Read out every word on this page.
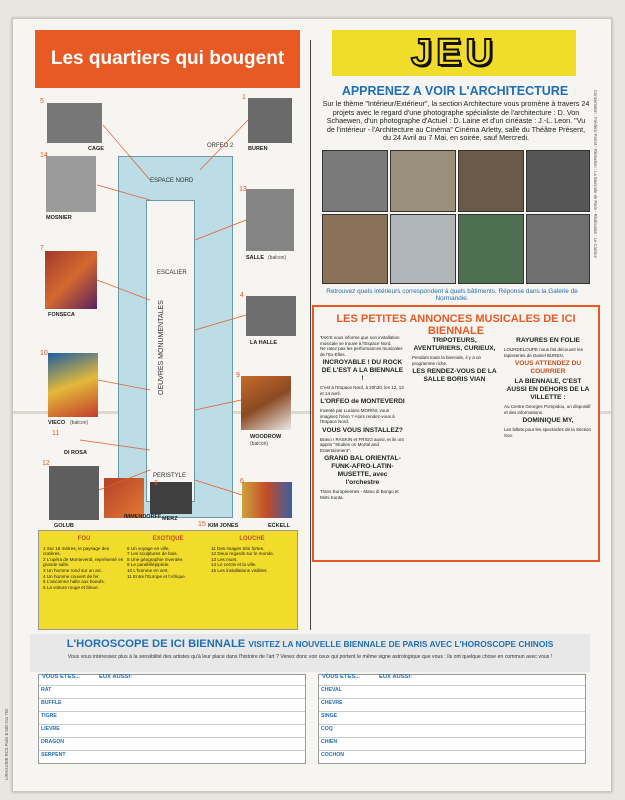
Les quartiers qui bougent
ESPACE NORD
ORFEO 2
ESCALIER
OEUVRES MONUMENTALES
PERISTYLE
5
CAGE
1
BUREN
14
MOSNIER
13
SALLE (balcon)
7
FONSECA
4
LA HALLE
10
VIECO (balcon)
9
WOODROW
(balcon)
11
DI ROSA
12
GOLUB
8 IMMENDORFF
3
MERZ
15 KIM JONES
6
ECKELL
FOU
1 Sur 16 mètres, le paysage des cratères.
2 L'opéra de Monteverdi, représenté en grande salle.
3 Un homme rond sur un arc.
4 Un homme couvert de fer.
5 L'ancienne halle aux boeufs.
6 La voiture rouge et bleue.
EXOTIQUE
6 Un voyage en ville.
7 Les sculptures de bois.
8 Une géographie inventée.
9 Le parallélépipède.
10 L'homme en vert.
11 Entre l'Europe et l'Afrique.
LOUCHE
11 Des images très fortes.
12 Deux regards sur le monde.
13 Les murs.
14 Le cercle et la ville.
15 Les installations visibles.
JEU
APPRENEZ A VOIR L'ARCHITECTURE
Sur le thème "Intérieur/Extérieur", la section Architecture vous promène à travers 24 projets avec le regard d'une photographe spécialiste de l'architecture : D. Von Schaewen, d'un photographe d'Actuel : D. Laine et d'un cinéaste : J.-L. Leon. "Vu de l'intérieur - l'Architecture au Cinéma" Cinéma Arletty, salle du Théâtre Présent, du 24 Avril au 7 Mai, en soirée, sauf Mercredi.
Retrouvez quels intérieurs correspondent à quels bâtiments. Réponse dans la Galerie de Normandie.
LES PETITES ANNONCES MUSICALES DE ICI BIENNALE
TAKIS vous informe que son installation musicale se trouve à l'Espace Nord.
Ne ratez pas les performances musicales de l'Ex-Elles.
INCROYABLE ! DU ROCK DE L'EST A LA BIENNALE !
C'est à l'Espace Nord, à 20h30, les 12, 13 et 14 avril.
L'ORFEO de MONTEVERDI
Inventé par Luciano MORINI, vous imaginez l'Iéon ? Alors rendez-vous à l'Espace Nord.
VOUS VOUS INSTALLEZ?
Bravo ! RASKIN et FRIGO aussi, et ils ont appris "Studies on Mortal and Entertainment".
GRAND BAL ORIENTAL-FUNK-AFRO-LATIN-MUSETTE, avec l'orchestre
Trans Européennes - Mano di Bongo et Mimi Kunta.
TRIPOTEURS, AVENTURIERS, CURIEUX,
Pendant toute la biennale, il y a un programme riche.
LES RENDEZ-VOUS DE LA SALLE BORIS VIAN
RAYURES EN FOLIE
LOURDELOUPE nous fait découvrir les tapisseries de Daniel BUREN.
VOUS ATTENDEZ DU COURRIER
LA BIENNALE, C'EST AUSSI EN DEHORS DE LA VILLETTE :
Au Centre Georges Pompidou, un dispositif et des informations.
DOMINIQUE MY,
Les billets pour les spectacles de la Section Son.
L'HOROSCOPE DE ICI BIENNALE VISITEZ LA NOUVELLE BIENNALE DE PARIS AVEC L'HOROSCOPE CHINOIS
Vous vous intéressez plus à la sensibilité des artistes qu'à leur place dans l'histoire de l'art ? Venez donc voir ceux qui portent le même signe astrologique que vous : ils ont quelque chose en commun avec vous !
VOUS ETES...	EUX AUSSI:
RAT
BUFFLE
TIGRE
LIEVRE
DRAGON
SERPENT
VOUS ETES...	EUX AUSSI:
CHEVAL
CHEVRE
SINGE
COQ
CHIEN
COCHON
Concertation : Frédéric Parrot - Rédaction : La Biennale de Paris - Réalisation : Le Camion
LIRAGUIDE RCS Paris B 582 011 762
